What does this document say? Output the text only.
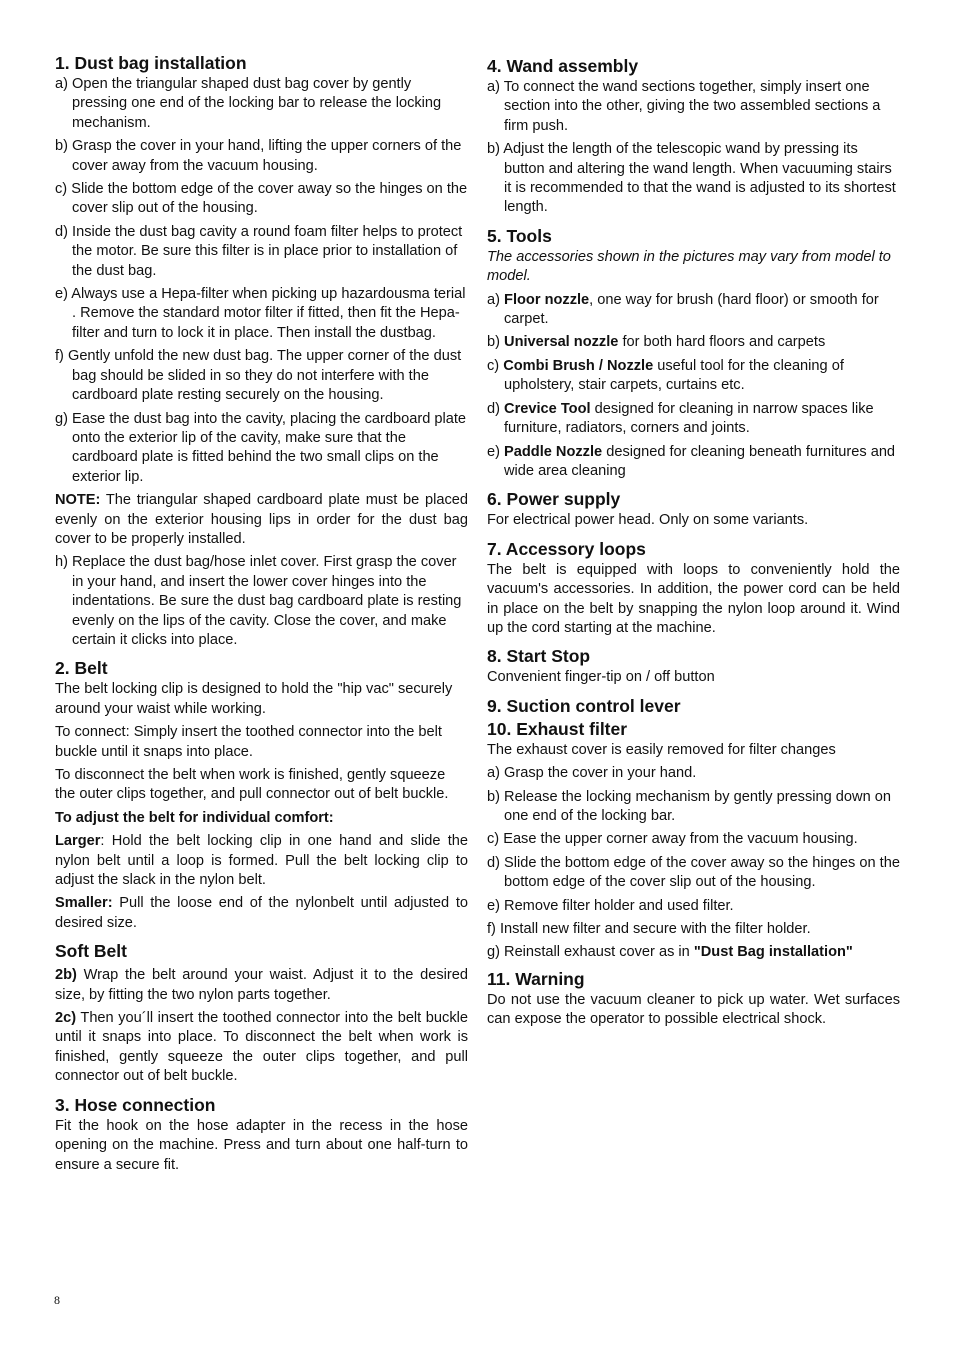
1. Dust bag installation

a) Open the triangular shaped dust bag cover by gently pressing one end of the locking bar to release the locking mechanism.

b) Grasp the cover in your hand, lifting the upper corners of the cover away from the vacuum housing.

c) Slide the bottom edge of the cover away so the hinges on the cover slip out of the housing.

d) Inside the dust bag cavity a round foam filter helps to protect the motor. Be sure this filter is in place prior to installation of the dust bag.

e) Always use a Hepa-filter when picking up hazardousma terial . Remove the standard motor filter if fitted, then fit the Hepa-filter and turn to lock it in place. Then install the dustbag.

f) Gently unfold the new dust bag. The upper corner of the dust bag should be slided in so they do not interfere with the cardboard plate resting securely on the housing.

g) Ease the dust bag into the cavity, placing the cardboard plate onto the exterior lip of the cavity, make sure that the cardboard plate is fitted behind the two small clips on the exterior lip.

NOTE: The triangular shaped cardboard plate must be placed evenly on the exterior housing lips in order for the dust bag cover to be properly installed.

h) Replace the dust bag/hose inlet cover. First grasp the cover in your hand, and insert the lower cover hinges into the indentations. Be sure the dust bag cardboard plate is resting evenly on the lips of the cavity. Close the cover, and make certain it clicks into place.

2. Belt

The belt locking clip is designed to hold the "hip vac" securely around your waist while working.

To connect: Simply insert the toothed connector into the belt buckle until it snaps into place.

To disconnect the belt when work is finished, gently squeeze the outer clips together, and pull connector out of belt buckle.

To adjust the belt for individual comfort:

Larger: Hold the belt locking clip in one hand and slide the nylon belt until a loop is formed. Pull the belt locking clip to adjust the slack in the nylon belt.

Smaller: Pull the loose end of the nylonbelt until adjusted to desired size.

Soft Belt

2b) Wrap the belt around your waist. Adjust it to the desired size, by fitting the two nylon parts together.

2c) Then you´ll insert the toothed connector into the belt buckle until it snaps into place. To disconnect the belt when work is finished, gently squeeze the outer clips together, and pull connector out of belt buckle.

3. Hose connection

Fit the hook on the hose adapter in the recess in the hose opening on the machine. Press and turn about one half-turn to ensure a secure fit.

4. Wand assembly

a) To connect the wand sections together, simply insert one section into the other, giving the two assembled sections a firm push.

b) Adjust the length of the telescopic wand by pressing its button and altering the wand length. When vacuuming stairs it is recommended to that the wand is adjusted to its shortest length.

5. Tools

The accessories shown in the pictures may vary from model to model.

a) Floor nozzle, one way for brush (hard floor) or smooth for carpet.

b) Universal nozzle for both hard floors and carpets

c) Combi Brush / Nozzle useful tool for the cleaning of upholstery, stair carpets, curtains etc.

d) Crevice Tool designed for cleaning in narrow spaces like furniture, radiators, corners and joints.

e) Paddle Nozzle designed for cleaning beneath furnitures and wide area cleaning

6. Power supply

For electrical power head. Only on some variants.

7. Accessory loops

The belt is equipped with loops to conveniently hold the vacuum's accessories. In addition, the power cord can be held in place on the belt by snapping the nylon loop around it. Wind up the cord starting at the machine.

8. Start Stop

Convenient finger-tip on / off button

9. Suction control lever
10. Exhaust filter

The exhaust cover is easily removed for filter changes

a) Grasp the cover in your hand.

b) Release the locking mechanism by gently pressing down on one end of the locking bar.

c) Ease the upper corner away from the vacuum housing.

d) Slide the bottom edge of the cover away so the hinges on the bottom edge of the cover slip out of the housing.

e) Remove filter holder and used filter.

f) Install new filter and secure with the filter holder.

g) Reinstall exhaust cover as in "Dust Bag installation"

11. Warning

Do not use the vacuum cleaner to pick up water. Wet surfaces can expose the operator to possible electrical shock.

8
